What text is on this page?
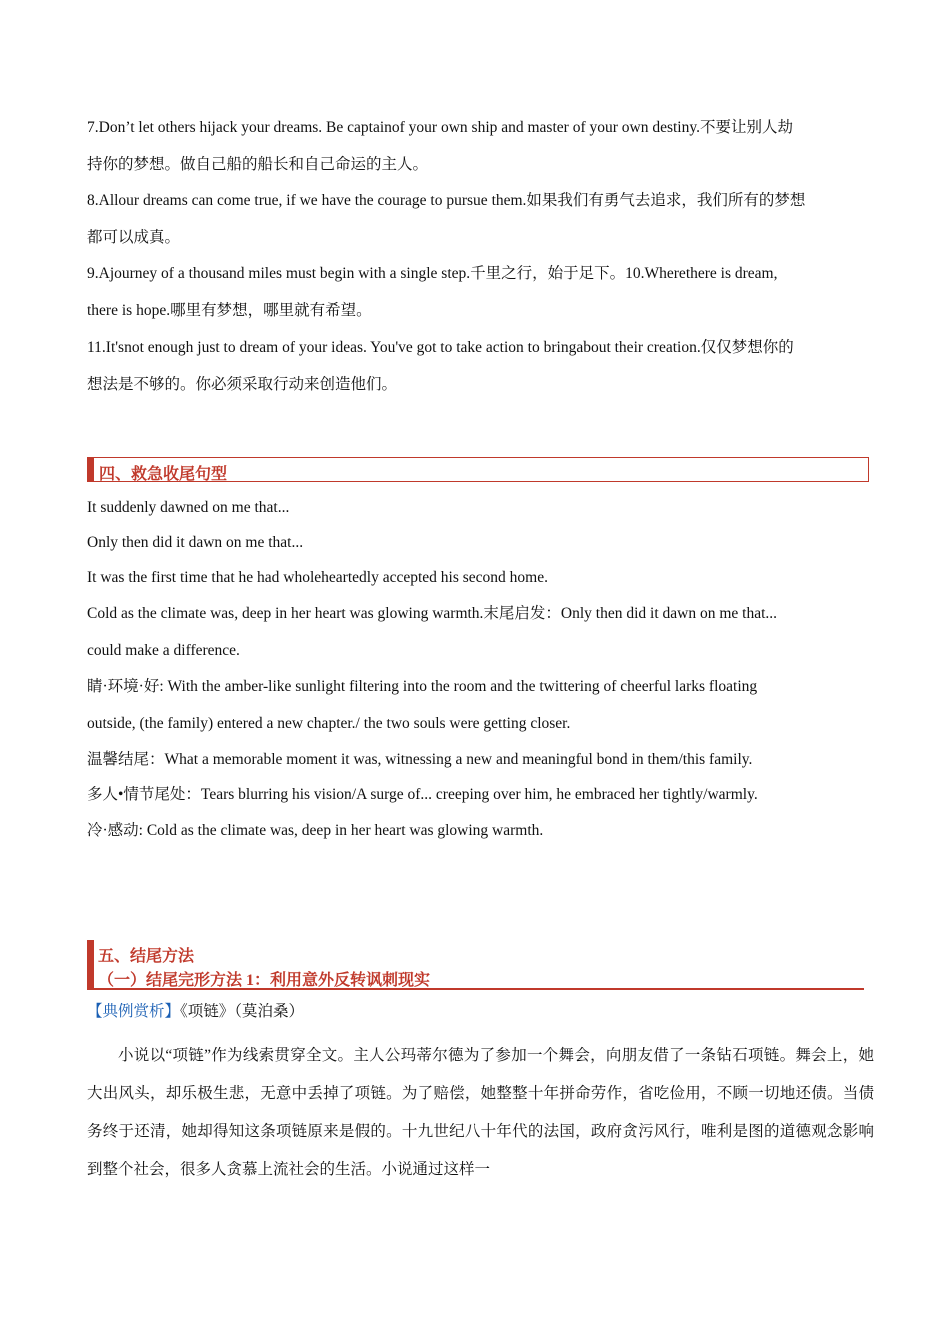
7.Don’t let others hijack your dreams. Be captainof your own ship and master of your own destiny.不要让别人劫

持你的梦想。做自己船的船长和自己命运的主人。

8.Allour dreams can come true, if we have the courage to pursue them.如果我们有勇气去追求，我们所有的梦想

都可以成真。

9.Ajourney of a thousand miles must begin with a single step.千里之行，始于足下。10.Wherethere is dream,

there is hope.哪里有梦想，哪里就有希望。

11.It'snot enough just to dream of your ideas. You've got to take action to bringabout their creation.仅仅梦想你的

想法是不够的。你必须采取行动来创造他们。

四、救急收尾句型

It suddenly dawned on me that...

Only then did it dawn on me that...

It was the first time that he had wholeheartedly accepted his second home.

Cold as the climate was, deep in her heart was glowing warmth.末尾启发：Only then did it dawn on me that...

could make a difference.

睛·环境·好: With the amber-like sunlight filtering into the room and the twittering of cheerful larks floating

outside, (the family) entered a new chapter./ the two souls were getting closer.

温馨结尾：What a memorable moment it was, witnessing a new and meaningful bond in them/this family.

多人•情节尾处：Tears blurring his vision/A surge of... creeping over him, he embraced her tightly/warmly.

冷·感动: Cold as the climate was, deep in her heart was glowing warmth.

五、结尾方法
（一）结尾完形方法 1：利用意外反转讽刺现实
【典例赏析】《项链》（莫泊桑）

小说以“项链”作为线索贯穿全文。主人公玛蒂尔德为了参加一个舞会，向朋友借了一条钻石项链。舞会上，她大出风头，却乐极生悲，无意中丢掉了项链。为了赔偿，她整整十年拼命劳作，省吃俭用，不顾一切地还债。当债务终于还清，她却得知这条项链原来是假的。十九世纪八十年代的法国，政府贪污风行，唯利是图的道德观念影响到整个社会，很多人贪慕上流社会的生活。小说通过这样一
